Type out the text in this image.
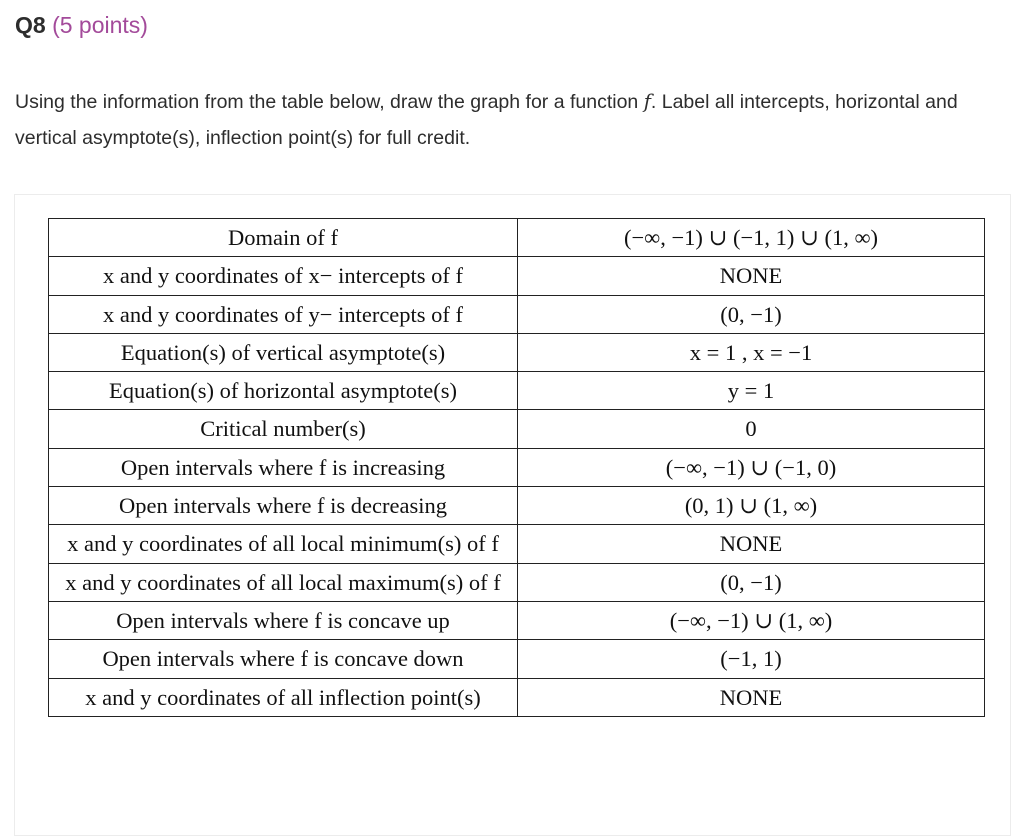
Q8 (5 points)
Using the information from the table below, draw the graph for a function f. Label all intercepts, horizontal and vertical asymptote(s), inflection point(s) for full credit.
Domain of f	(−∞, −1) ∪ (−1, 1) ∪ (1, ∞)
x and y coordinates of x− intercepts of f	NONE
x and y coordinates of y− intercepts of f	(0, −1)
Equation(s) of vertical asymptote(s)	x = 1 , x = −1
Equation(s) of horizontal asymptote(s)	y = 1
Critical number(s)	0
Open intervals where f is increasing	(−∞, −1) ∪ (−1, 0)
Open intervals where f is decreasing	(0, 1) ∪ (1, ∞)
x and y coordinates of all local minimum(s) of f	NONE
x and y coordinates of all local maximum(s) of f	(0, −1)
Open intervals where f is concave up	(−∞, −1) ∪ (1, ∞)
Open intervals where f is concave down	(−1, 1)
x and y coordinates of all inflection point(s)	NONE
